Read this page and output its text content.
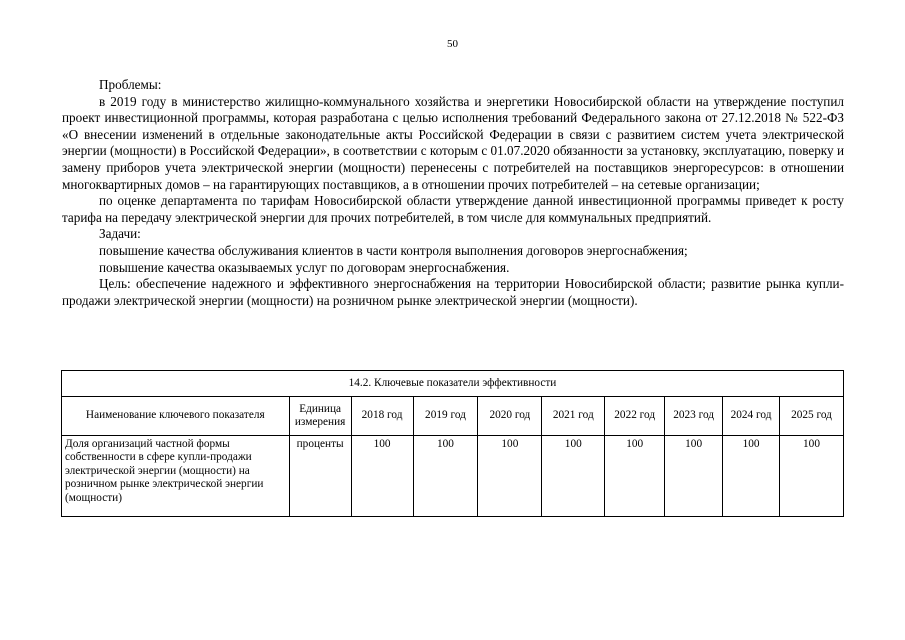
50

Проблемы:

в 2019 году в министерство жилищно-коммунального хозяйства и энергетики Новосибирской области на утверждение поступил проект инвестиционной программы, которая разработана с целью исполнения требований Федерального закона от 27.12.2018 № 522-ФЗ «О внесении изменений в отдельные законодательные акты Российской Федерации в связи с развитием систем учета электрической энергии (мощности) в Российской Федерации», в соответствии с которым с 01.07.2020 обязанности за установку, эксплуатацию, поверку и замену приборов учета электрической энергии (мощности) перенесены с потребителей на поставщиков энергоресурсов: в отношении многоквартирных домов – на гарантирующих поставщиков, а в отношении прочих потребителей – на сетевые организации;

по оценке департамента по тарифам Новосибирской области утверждение данной инвестиционной программы приведет к росту тарифа на передачу электрической энергии для прочих потребителей, в том числе для коммунальных предприятий.

Задачи:

повышение качества обслуживания клиентов в части контроля выполнения договоров энергоснабжения;

повышение качества оказываемых услуг по договорам энергоснабжения.

Цель: обеспечение надежного и эффективного энергоснабжения на территории Новосибирской области; развитие рынка купли-продажи электрической энергии (мощности) на розничном рынке электрической энергии (мощности).

14.2. Ключевые показатели эффективности									
Наименование ключевого показателя	Единица измерения	2018 год	2019 год	2020 год	2021 год	2022 год	2023 год	2024 год	2025 год
Доля организаций частной формы собственности в сфере купли-продажи электрической энергии (мощности) на розничном рынке электрической энергии (мощности)	проценты	100	100	100	100	100	100	100	100
